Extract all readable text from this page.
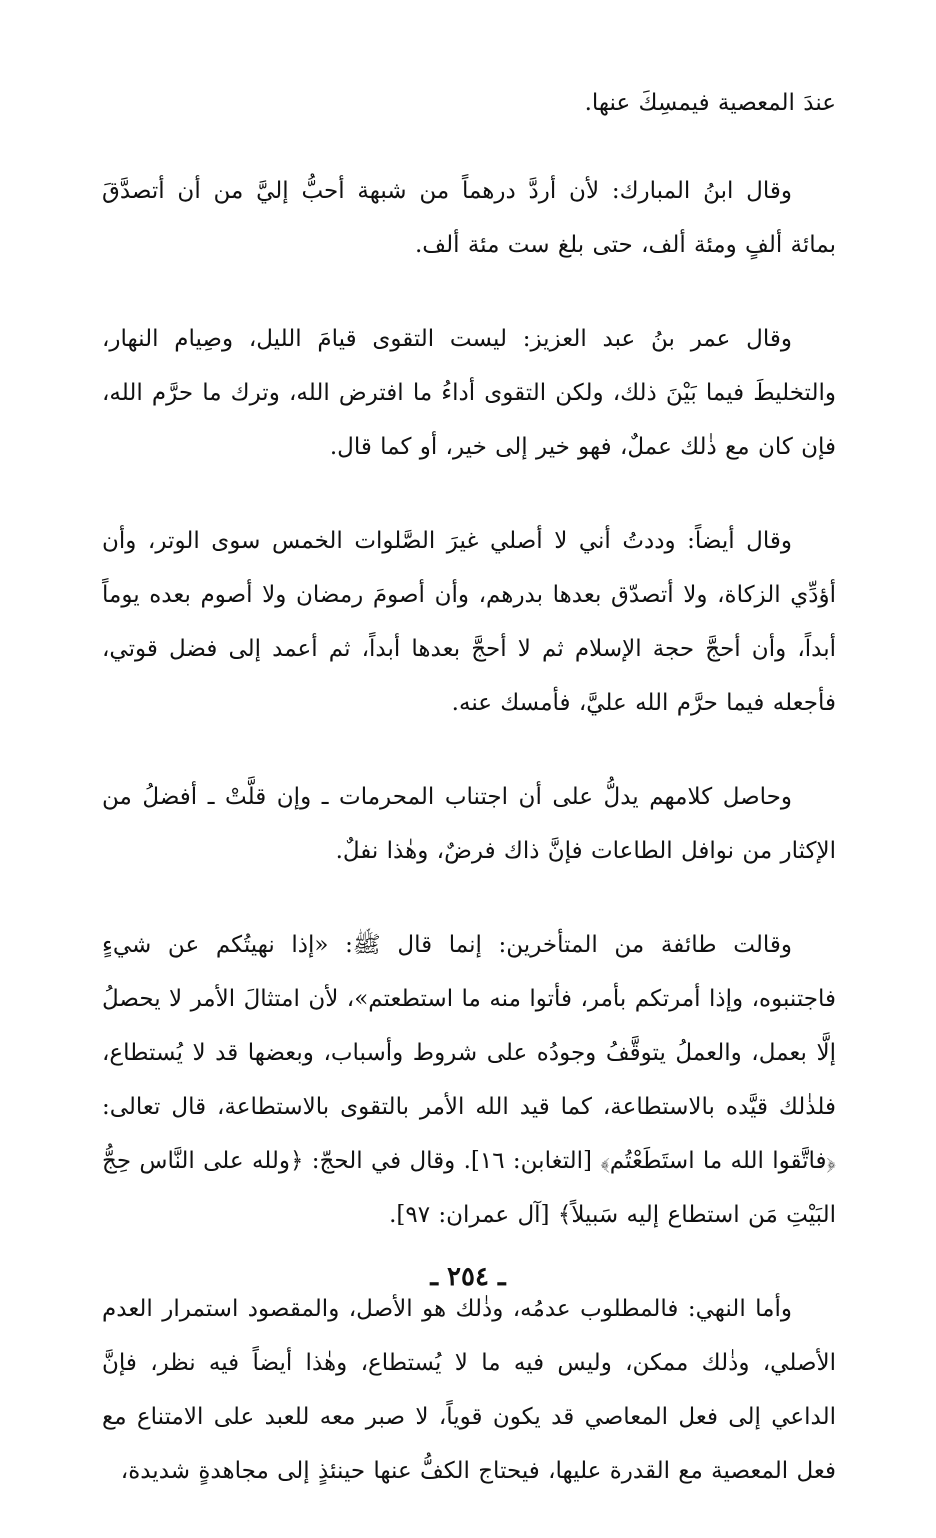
عندَ المعصية فيمسِكَ عنها.

وقال ابنُ المبارك: لأن أردَّ درهماً من شبهة أحبُّ إليَّ من أن أتصدَّقَ بمائة ألفٍ ومئة ألف، حتى بلغ ست مئة ألف.

وقال عمر بنُ عبد العزيز: ليست التقوى قيامَ الليل، وصِيام النهار، والتخليطَ فيما بَيْنَ ذلك، ولكن التقوى أداءُ ما افترض الله، وترك ما حرَّم الله، فإن كان مع ذٰلك عملٌ، فهو خير إلى خير، أو كما قال.

وقال أيضاً: وددتُ أني لا أصلي غيرَ الصَّلوات الخمس سوى الوتر، وأن أؤدِّي الزكاة، ولا أتصدّق بعدها بدرهم، وأن أصومَ رمضان ولا أصوم بعده يوماً أبداً، وأن أحجَّ حجة الإسلام ثم لا أحجَّ بعدها أبداً، ثم أعمد إلى فضل قوتي، فأجعله فيما حرَّم الله عليَّ، فأمسك عنه.

وحاصل كلامهم يدلُّ على أن اجتناب المحرمات ـ وإن قلَّتْ ـ أفضلُ من الإكثار من نوافل الطاعات فإنَّ ذاك فرضٌ، وهٰذا نفلٌ.

وقالت طائفة من المتأخرين: إنما قال ﷺ: «إذا نهيتُكم عن شيءٍ فاجتنبوه، وإذا أمرتكم بأمر، فأتوا منه ما استطعتم»، لأن امتثالَ الأمر لا يحصلُ إلَّا بعمل، والعملُ يتوقَّفُ وجودُه على شروط وأسباب، وبعضها قد لا يُستطاع، فلذٰلك قيَّده بالاستطاعة، كما قيد الله الأمر بالتقوى بالاستطاعة، قال تعالى: ﴿فاتَّقوا الله ما استَطَعْتُم﴾ [التغابن: ١٦]. وقال في الحجّ: ﴿ولله على النَّاس حِجُّ البَيْتِ مَن استطاع إليه سَبيلاً﴾ [آل عمران: ٩٧].

وأما النهي: فالمطلوب عدمُه، وذٰلك هو الأصل، والمقصود استمرار العدم الأصلي، وذٰلك ممكن، وليس فيه ما لا يُستطاع، وهٰذا أيضاً فيه نظر، فإنَّ الداعي إلى فعل المعاصي قد يكون قوياً، لا صبر معه للعبد على الامتناع مع فعل المعصية مع القدرة عليها، فيحتاج الكفُّ عنها حينئذٍ إلى مجاهدةٍ شديدة،

ـ ٢٥٤ ـ
